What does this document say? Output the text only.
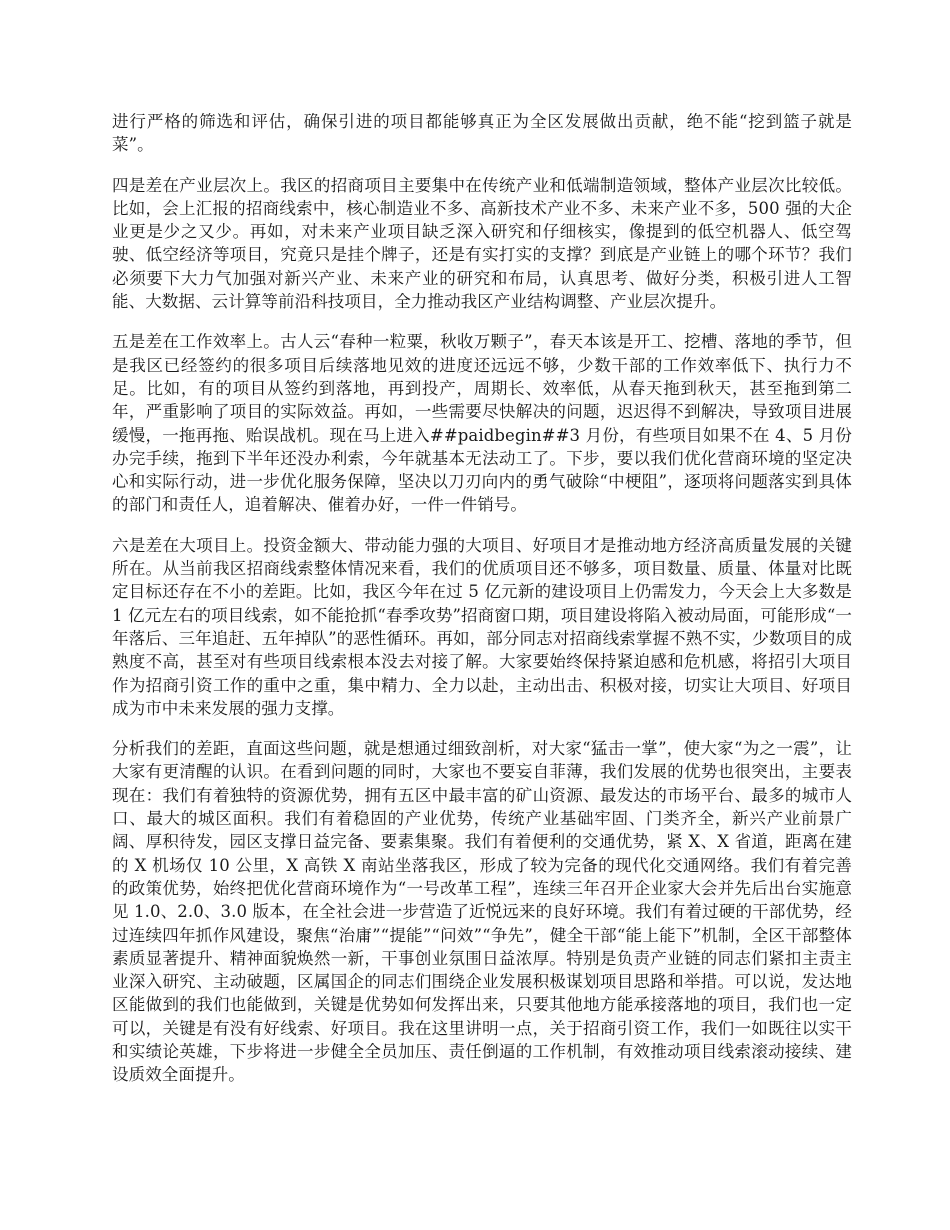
进行严格的筛选和评估，确保引进的项目都能够真正为全区发展做出贡献，绝不能“挖到篮子就是菜”。

四是差在产业层次上。我区的招商项目主要集中在传统产业和低端制造领域，整体产业层次比较低。比如，会上汇报的招商线索中，核心制造业不多、高新技术产业不多、未来产业不多，500 强的大企业更是少之又少。再如，对未来产业项目缺乏深入研究和仔细核实，像提到的低空机器人、低空驾驶、低空经济等项目，究竟只是挂个牌子，还是有实打实的支撑？到底是产业链上的哪个环节？我们必须要下大力气加强对新兴产业、未来产业的研究和布局，认真思考、做好分类，积极引进人工智能、大数据、云计算等前沿科技项目，全力推动我区产业结构调整、产业层次提升。

五是差在工作效率上。古人云“春种一粒粟，秋收万颗子”，春天本该是开工、挖槽、落地的季节，但是我区已经签约的很多项目后续落地见效的进度还远远不够，少数干部的工作效率低下、执行力不足。比如，有的项目从签约到落地，再到投产，周期长、效率低，从春天拖到秋天，甚至拖到第二年，严重影响了项目的实际效益。再如，一些需要尽快解决的问题，迟迟得不到解决，导致项目进展缓慢，一拖再拖、贻误战机。现在马上进入##paidbegin##3 月份，有些项目如果不在 4、5 月份办完手续，拖到下半年还没办利索，今年就基本无法动工了。下步，要以我们优化营商环境的坚定决心和实际行动，进一步优化服务保障，坚决以刀刃向内的勇气破除“中梗阻”，逐项将问题落实到具体的部门和责任人，追着解决、催着办好，一件一件销号。

六是差在大项目上。投资金额大、带动能力强的大项目、好项目才是推动地方经济高质量发展的关键所在。从当前我区招商线索整体情况来看，我们的优质项目还不够多，项目数量、质量、体量对比既定目标还存在不小的差距。比如，我区今年在过 5 亿元新的建设项目上仍需发力，今天会上大多数是 1 亿元左右的项目线索，如不能抢抓“春季攻势”招商窗口期，项目建设将陷入被动局面，可能形成“一年落后、三年追赶、五年掉队”的恶性循环。再如，部分同志对招商线索掌握不熟不实，少数项目的成熟度不高，甚至对有些项目线索根本没去对接了解。大家要始终保持紧迫感和危机感，将招引大项目作为招商引资工作的重中之重，集中精力、全力以赴，主动出击、积极对接，切实让大项目、好项目成为市中未来发展的强力支撑。

分析我们的差距，直面这些问题，就是想通过细致剖析，对大家“猛击一掌”，使大家“为之一震”，让大家有更清醒的认识。在看到问题的同时，大家也不要妄自菲薄，我们发展的优势也很突出，主要表现在：我们有着独特的资源优势，拥有五区中最丰富的矿山资源、最发达的市场平台、最多的城市人口、最大的城区面积。我们有着稳固的产业优势，传统产业基础牢固、门类齐全，新兴产业前景广阔、厚积待发，园区支撑日益完备、要素集聚。我们有着便利的交通优势，紧 X、X 省道，距离在建的 X 机场仅 10 公里，X 高铁 X 南站坐落我区，形成了较为完备的现代化交通网络。我们有着完善的政策优势，始终把优化营商环境作为“一号改革工程”，连续三年召开企业家大会并先后出台实施意见 1.0、2.0、3.0 版本，在全社会进一步营造了近悦远来的良好环境。我们有着过硬的干部优势，经过连续四年抓作风建设，聚焦“治庸”“提能”“问效”“争先”，健全干部“能上能下”机制，全区干部整体素质显著提升、精神面貌焕然一新，干事创业氛围日益浓厚。特别是负责产业链的同志们紧扣主责主业深入研究、主动破题，区属国企的同志们围绕企业发展积极谋划项目思路和举措。可以说，发达地区能做到的我们也能做到，关键是优势如何发挥出来，只要其他地方能承接落地的项目，我们也一定可以，关键是有没有好线索、好项目。我在这里讲明一点，关于招商引资工作，我们一如既往以实干和实绩论英雄，下步将进一步健全全员加压、责任倒逼的工作机制，有效推动项目线索滚动接续、建设质效全面提升。
